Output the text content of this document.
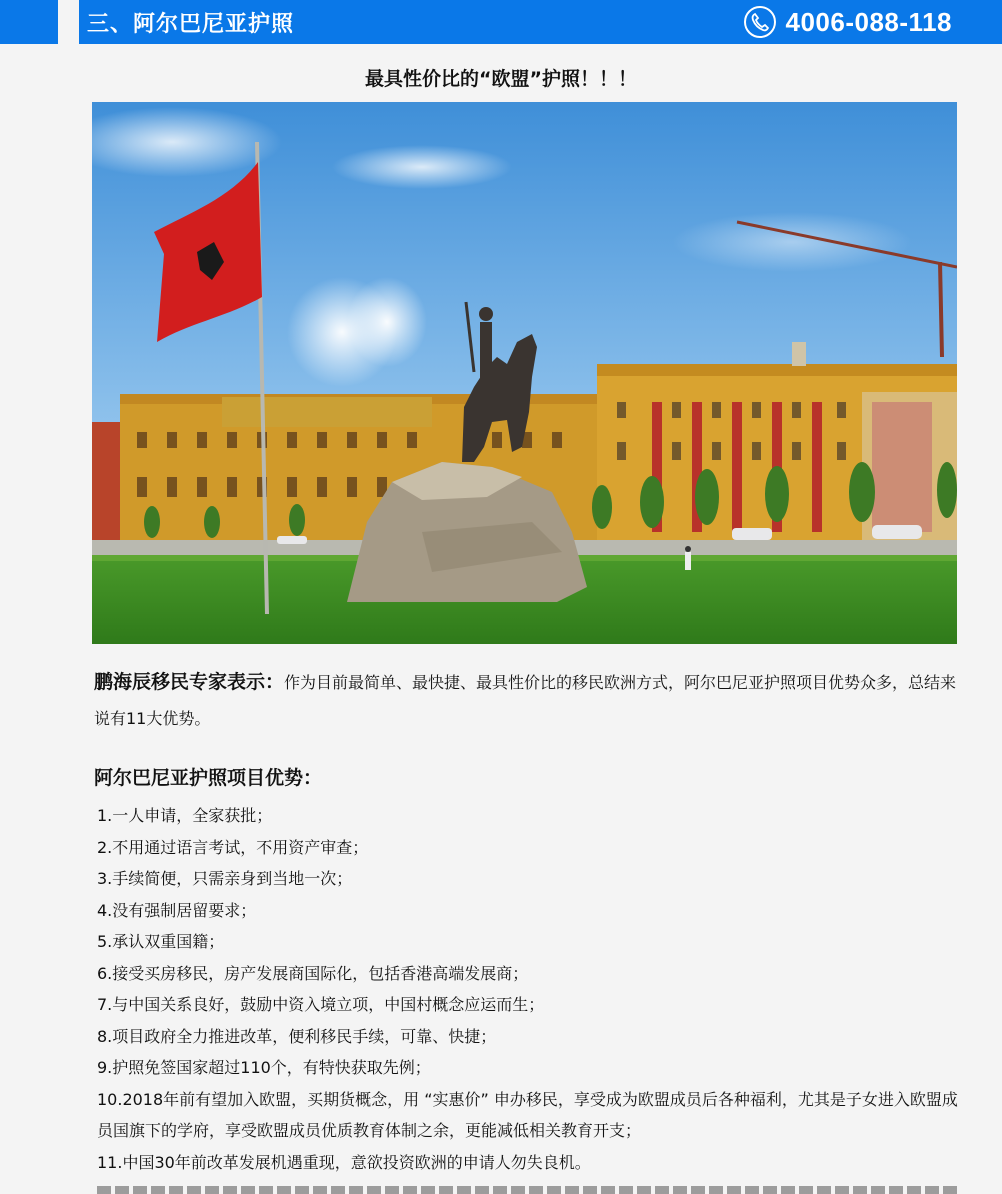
三、阿尔巴尼亚护照	4006-088-118
最具性价比的“欧盟”护照！！！
鹏海辰移民专家表示：作为目前最简单、最快捷、最具性价比的移民欧洲方式，阿尔巴尼亚护照项目优势众多，总结来说有11大优势。
阿尔巴尼亚护照项目优势：
1.一人申请，全家获批；
2.不用通过语言考试，不用资产审查；
3.手续简便，只需亲身到当地一次；
4.没有强制居留要求；
5.承认双重国籍；
6.接受买房移民，房产发展商国际化，包括香港高端发展商；
7.与中国关系良好，鼓励中资入境立项，中国村概念应运而生；
8.项目政府全力推进改革，便利移民手续，可靠、快捷；
9.护照免签国家超过110个，有特快获取先例；
10.2018年前有望加入欧盟，买期货概念，用 “实惠价” 申办移民，享受成为欧盟成员后各种福利，尤其是子女进入欧盟成员国旗下的学府，享受欧盟成员优质教育体制之余，更能减低相关教育开支；
11.中国30年前改革发展机遇重现，意欲投资欧洲的申请人勿失良机。
